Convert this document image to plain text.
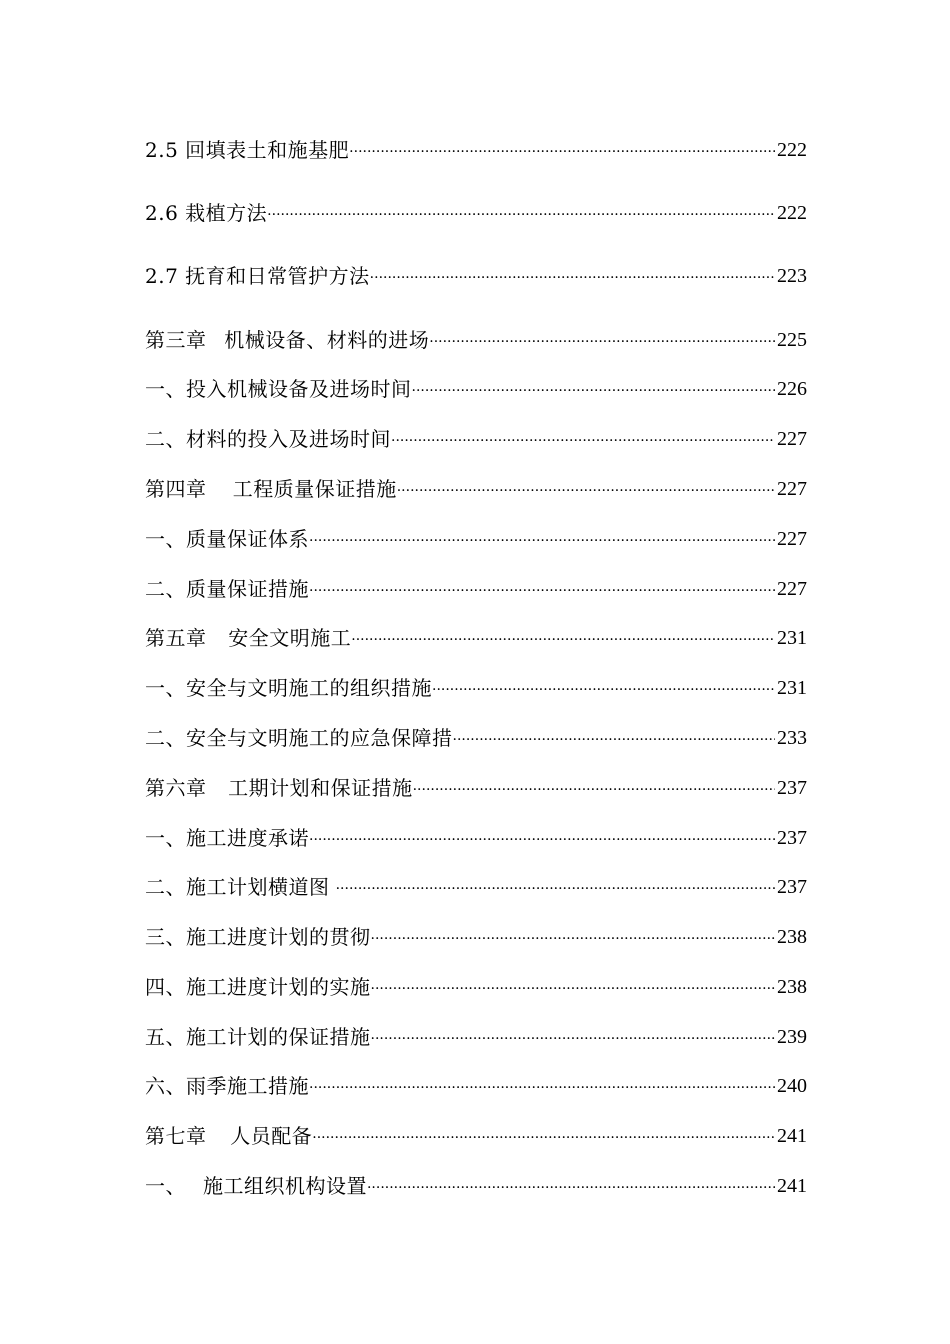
2.5 回填表土和施基肥 ·····	222
2.6 栽植方法 ·····	222
2.7 抚育和日常管护方法 ·····	223
第三章 机械设备、材料的进场 ·····	225
一、投入机械设备及进场时间 ·····	226
二、材料的投入及进场时间 ·····	227
第四章 工程质量保证措施 ·····	227
一、质量保证体系 ·····	227
二、质量保证措施 ·····	227
第五章 安全文明施工 ·····	231
一、安全与文明施工的组织措施 ·····	231
二、安全与文明施工的应急保障措 ·····	233
第六章 工期计划和保证措施 ·····	237
一、施工进度承诺 ·····	237
二、施工计划横道图 ·····	237
三、施工进度计划的贯彻 ·····	238
四、施工进度计划的实施 ·····	238
五、施工计划的保证措施 ·····	239
六、雨季施工措施 ·····	240
第七章 人员配备 ·····	241
一、 施工组织机构设置 ·····	241
